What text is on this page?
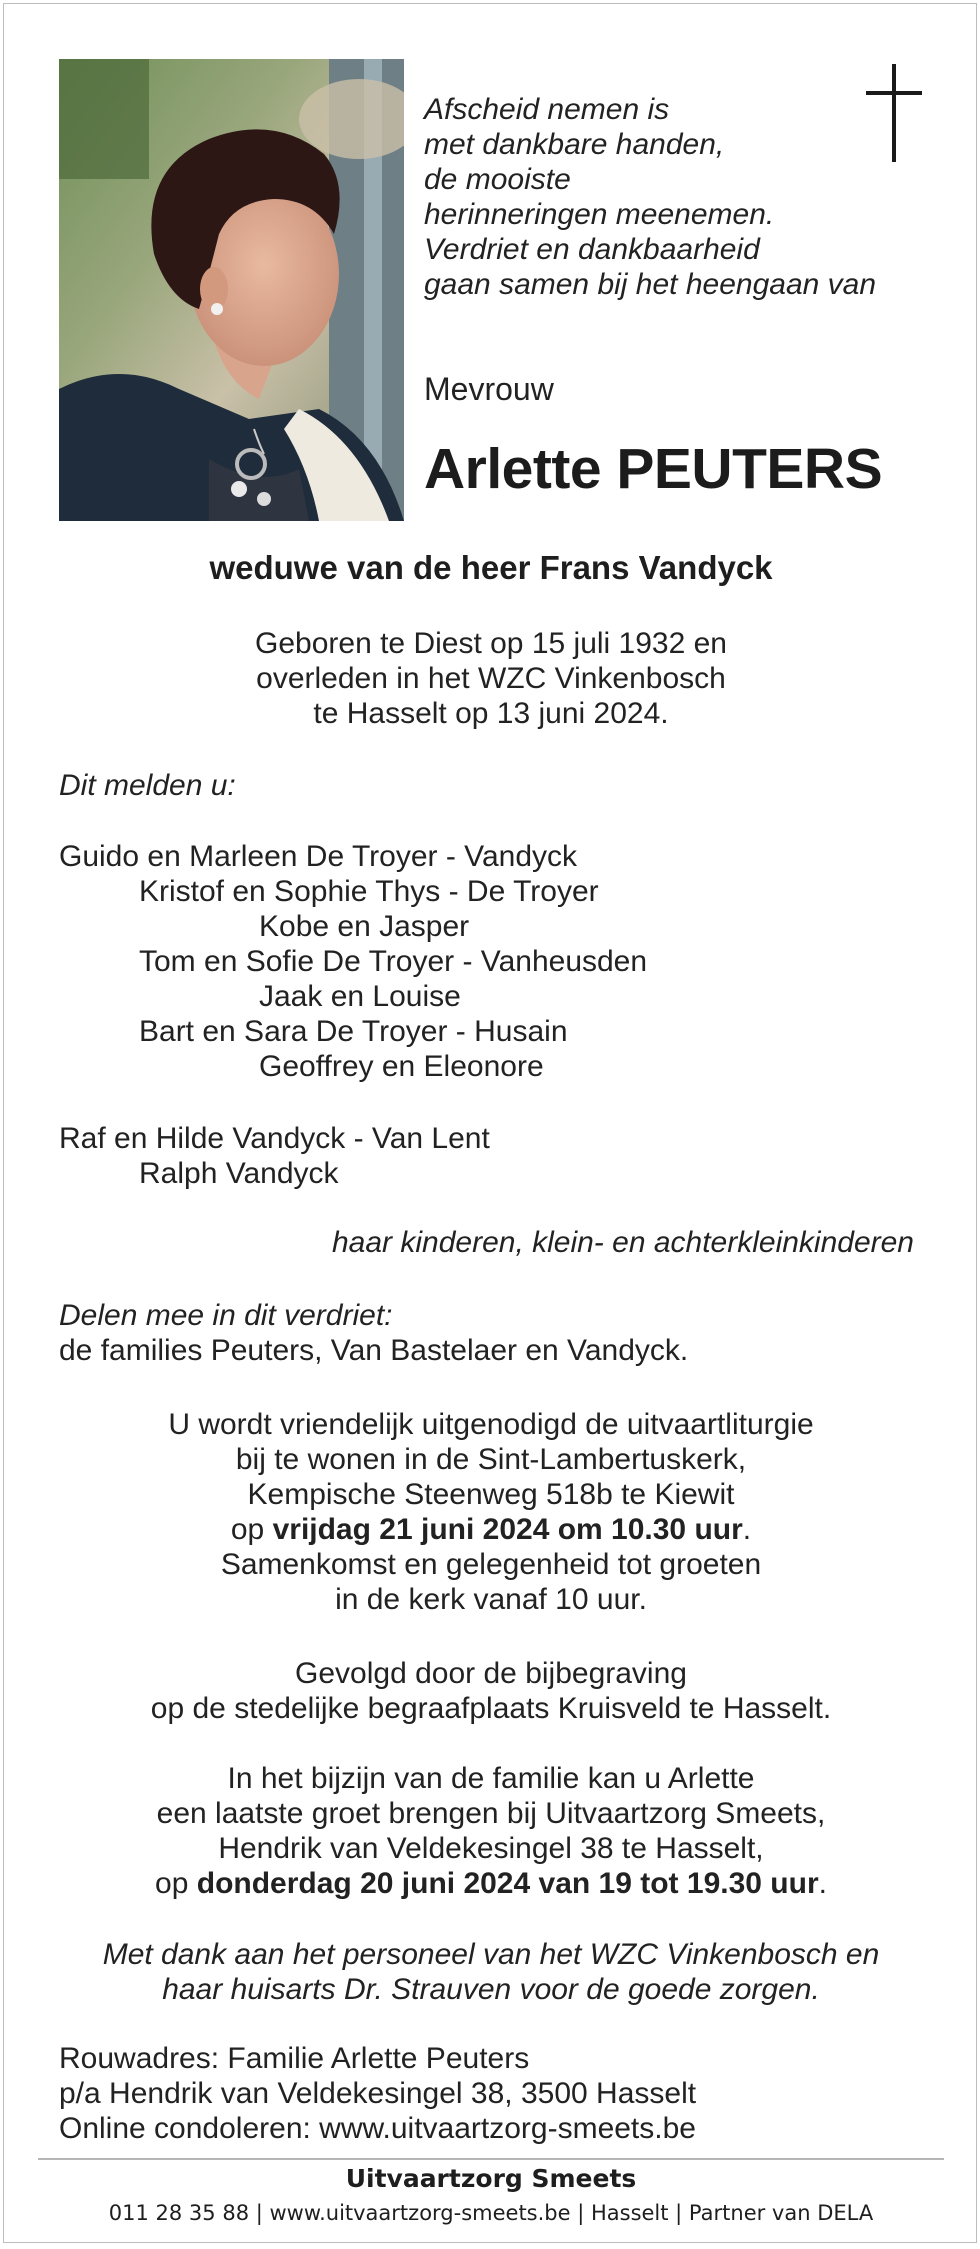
Afscheid nemen is
met dankbare handen,
de mooiste
herinneringen meenemen.
Verdriet en dankbaarheid
gaan samen bij het heengaan van
Mevrouw
Arlette PEUTERS
weduwe van de heer Frans Vandyck
Geboren te Diest op 15 juli 1932 en
overleden in het WZC Vinkenbosch
te Hasselt op 13 juni 2024.
Dit melden u:
Guido en Marleen De Troyer - Vandyck
Kristof en Sophie Thys - De Troyer
Kobe en Jasper
Tom en Sofie De Troyer - Vanheusden
Jaak en Louise
Bart en Sara De Troyer - Husain
Geoffrey en Eleonore
Raf en Hilde Vandyck - Van Lent
Ralph Vandyck
haar kinderen, klein- en achterkleinkinderen
Delen mee in dit verdriet:
de families Peuters, Van Bastelaer en Vandyck.
U wordt vriendelijk uitgenodigd de uitvaartliturgie
bij te wonen in de Sint-Lambertuskerk,
Kempische Steenweg 518b te Kiewit
op vrijdag 21 juni 2024 om 10.30 uur.
Samenkomst en gelegenheid tot groeten
in de kerk vanaf 10 uur.
Gevolgd door de bijbegraving
op de stedelijke begraafplaats Kruisveld te Hasselt.
In het bijzijn van de familie kan u Arlette
een laatste groet brengen bij Uitvaartzorg Smeets,
Hendrik van Veldekesingel 38 te Hasselt,
op donderdag 20 juni 2024 van 19 tot 19.30 uur.
Met dank aan het personeel van het WZC Vinkenbosch en
haar huisarts Dr. Strauven voor de goede zorgen.
Rouwadres: Familie Arlette Peuters
p/a Hendrik van Veldekesingel 38, 3500 Hasselt
Online condoleren: www.uitvaartzorg-smeets.be
Uitvaartzorg Smeets
011 28 35 88 | www.uitvaartzorg-smeets.be | Hasselt | Partner van DELA
